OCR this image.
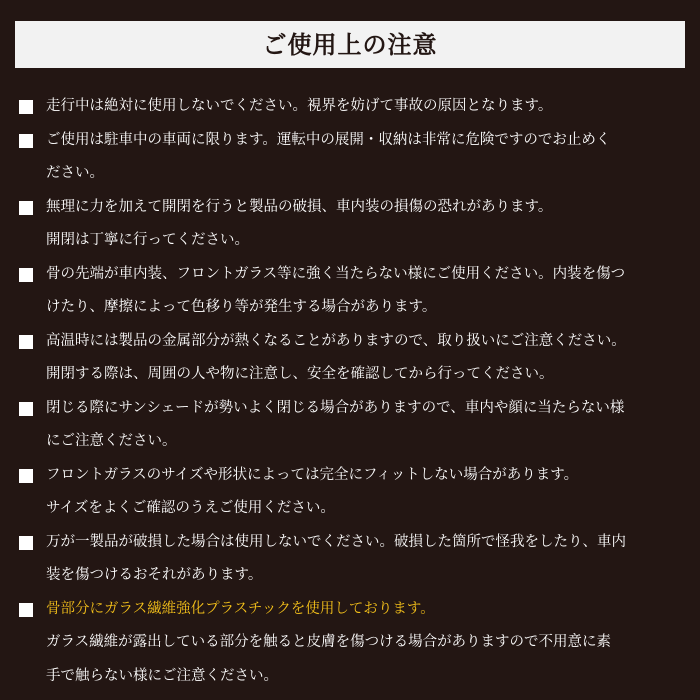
ご使用上の注意
走行中は絶対に使用しないでください。視界を妨げて事故の原因となります。
ご使用は駐車中の車両に限ります。運転中の展開・収納は非常に危険ですのでお止めく
ださい。
無理に力を加えて開閉を行うと製品の破損、車内装の損傷の恐れがあります。
開閉は丁寧に行ってください。
骨の先端が車内装、フロントガラス等に強く当たらない様にご使用ください。内装を傷つ
けたり、摩擦によって色移り等が発生する場合があります。
高温時には製品の金属部分が熱くなることがありますので、取り扱いにご注意ください。
開閉する際は、周囲の人や物に注意し、安全を確認してから行ってください。
閉じる際にサンシェードが勢いよく閉じる場合がありますので、車内や顔に当たらない様
にご注意ください。
フロントガラスのサイズや形状によっては完全にフィットしない場合があります。
サイズをよくご確認のうえご使用ください。
万が一製品が破損した場合は使用しないでください。破損した箇所で怪我をしたり、車内
装を傷つけるおそれがあります。
骨部分にガラス繊維強化プラスチックを使用しております。
ガラス繊維が露出している部分を触ると皮膚を傷つける場合がありますので不用意に素
手で触らない様にご注意ください。
